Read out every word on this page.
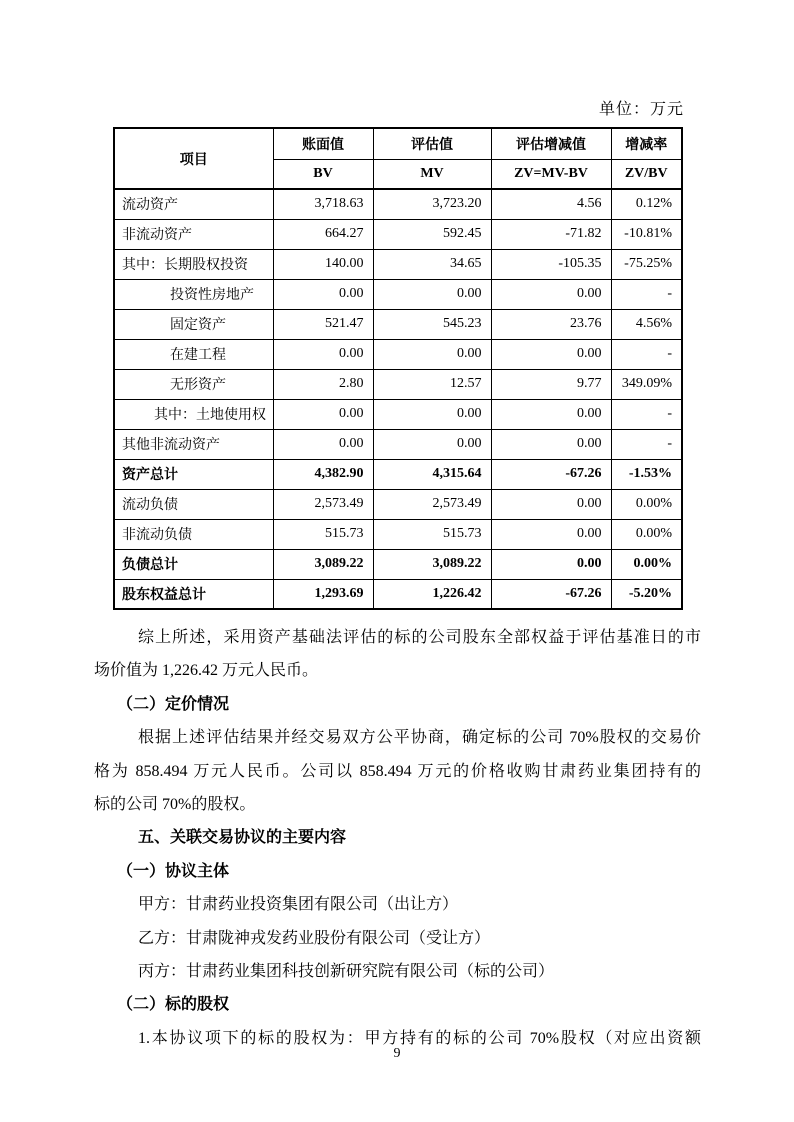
单位：万元
项目	账面值	评估值	评估增减值	增减率
	BV	MV	ZV=MV-BV	ZV/BV
流动资产	3,718.63	3,723.20	4.56	0.12%
非流动资产	664.27	592.45	-71.82	-10.81%
其中：长期股权投资	140.00	34.65	-105.35	-75.25%
投资性房地产	0.00	0.00	0.00	-
固定资产	521.47	545.23	23.76	4.56%
在建工程	0.00	0.00	0.00	-
无形资产	2.80	12.57	9.77	349.09%
其中：土地使用权	0.00	0.00	0.00	-
其他非流动资产	0.00	0.00	0.00	-
资产总计	4,382.90	4,315.64	-67.26	-1.53%
流动负债	2,573.49	2,573.49	0.00	0.00%
非流动负债	515.73	515.73	0.00	0.00%
负债总计	3,089.22	3,089.22	0.00	0.00%
股东权益总计	1,293.69	1,226.42	-67.26	-5.20%
综上所述，采用资产基础法评估的标的公司股东全部权益于评估基准日的市
场价值为 1,226.42 万元人民币。
（二）定价情况
根据上述评估结果并经交易双方公平协商，确定标的公司 70%股权的交易价
格为 858.494 万元人民币。公司以 858.494 万元的价格收购甘肃药业集团持有的
标的公司 70%的股权。
五、关联交易协议的主要内容
（一）协议主体
甲方：甘肃药业投资集团有限公司（出让方）
乙方：甘肃陇神戎发药业股份有限公司（受让方）
丙方：甘肃药业集团科技创新研究院有限公司（标的公司）
（二）标的股权
1.本协议项下的标的股权为：甲方持有的标的公司 70%股权（对应出资额
9
